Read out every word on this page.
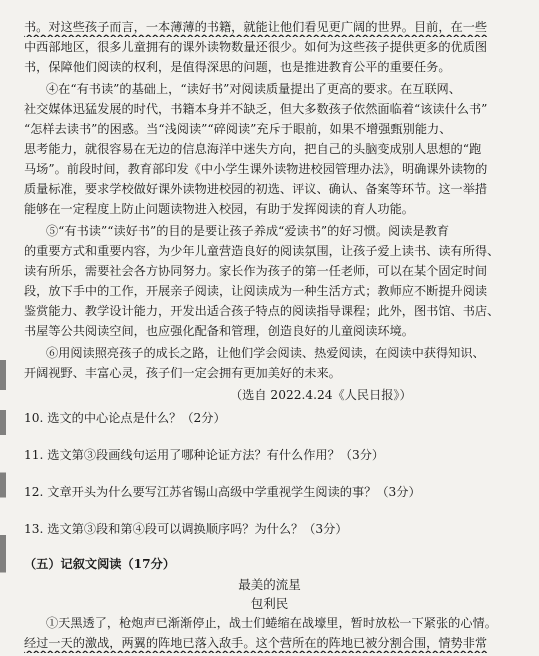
书。对这些孩子而言，一本薄薄的书籍，就能让他们看见更广阔的世界。目前，在一些
中西部地区，很多儿童拥有的课外读物数量还很少。如何为这些孩子提供更多的优质图
书，保障他们阅读的权利，是值得深思的问题，也是推进教育公平的重要任务。
④在“有书读”的基础上，“读好书”对阅读质量提出了更高的要求。在互联网、
社交媒体迅猛发展的时代，书籍本身并不缺乏，但大多数孩子依然面临着“该读什么书”
“怎样去读书”的困惑。当“浅阅读”“碎阅读”充斥于眼前，如果不增强甄别能力、
思考能力，就很容易在无边的信息海洋中迷失方向，把自己的头脑变成别人思想的“跑
马场”。前段时间，教育部印发《中小学生课外读物进校园管理办法》，明确课外读物的
质量标准，要求学校做好课外读物进校园的初选、评议、确认、备案等环节。这一举措
能够在一定程度上防止问题读物进入校园，有助于发挥阅读的育人功能。
⑤“有书读”“读好书”的目的是要让孩子养成“爱读书”的好习惯。阅读是教育
的重要方式和重要内容，为少年儿童营造良好的阅读氛围，让孩子爱上读书、读有所得、
读有所乐，需要社会各方协同努力。家长作为孩子的第一任老师，可以在某个固定时间
段，放下手中的工作，开展亲子阅读，让阅读成为一种生活方式；教师应不断提升阅读
鉴赏能力、教学设计能力，开发出适合孩子特点的阅读指导课程；此外，图书馆、书店、
书屋等公共阅读空间，也应强化配备和管理，创造良好的儿童阅读环境。
⑥用阅读照亮孩子的成长之路，让他们学会阅读、热爱阅读，在阅读中获得知识、
开阔视野、丰富心灵，孩子们一定会拥有更加美好的未来。
（选自 2022.4.24《人民日报》）
10. 选文的中心论点是什么？（2分）
11. 选文第③段画线句运用了哪种论证方法？有什么作用？（3分）
12. 文章开头为什么要写江苏省锡山高级中学重视学生阅读的事？（3分）
13. 选文第③段和第④段可以调换顺序吗？为什么？（3分）
（五）记叙文阅读（17分）
最美的流星
包利民
①天黑透了，枪炮声已渐渐停止，战士们蜷缩在战壕里，暂时放松一下紧张的心情。
经过一天的激战，两翼的阵地已落入敌手。这个营所在的阵地已被分割合围，情势非常
